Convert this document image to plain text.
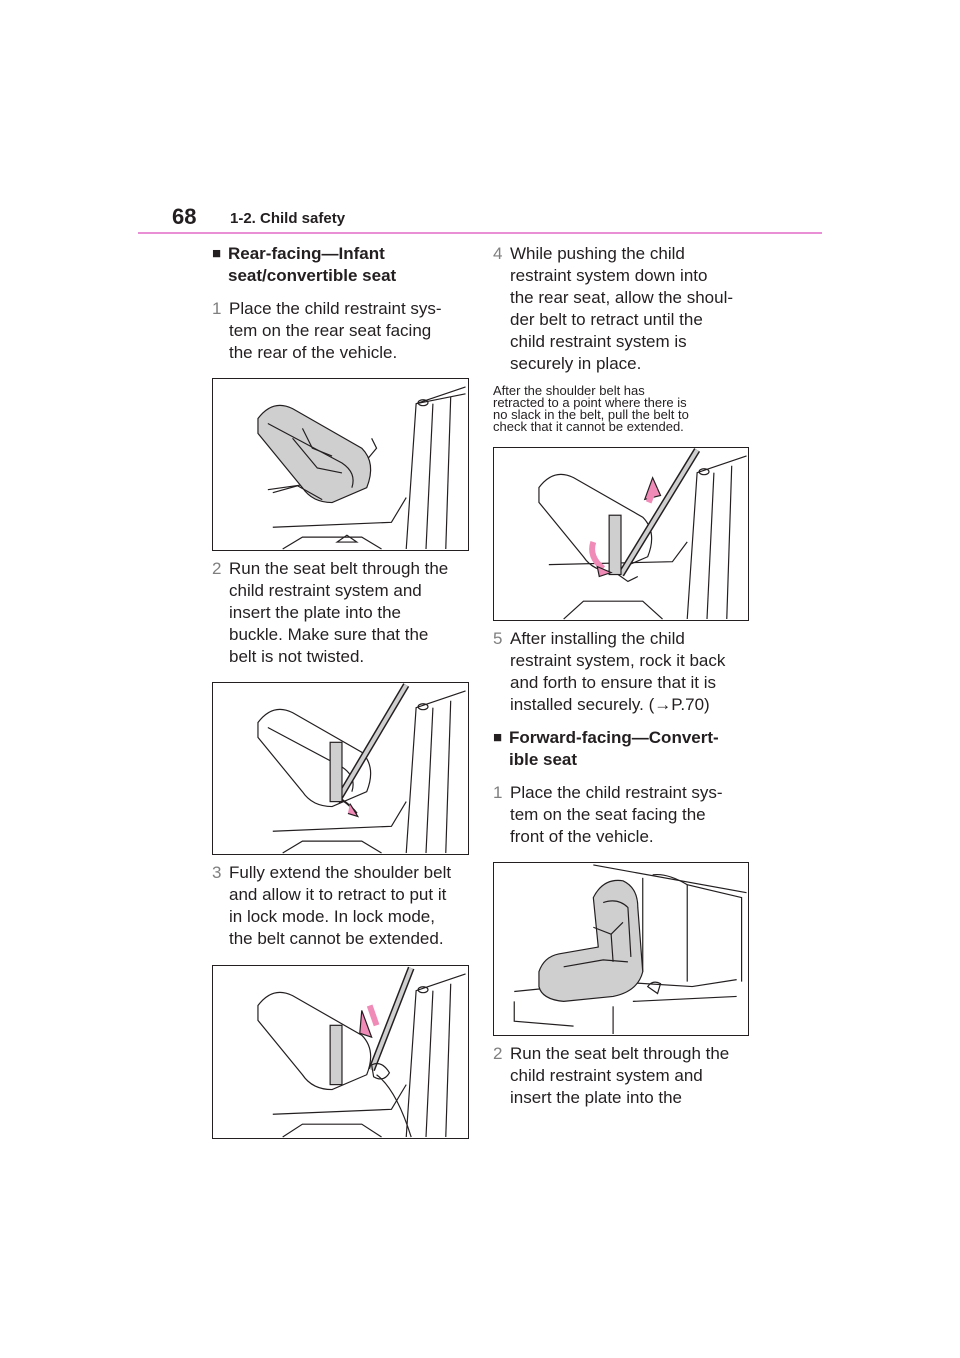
68 1-2. Child safety
■ Rear-facing—Infant
seat/convertible seat
1 Place the child restraint sys-
tem on the rear seat facing
the rear of the vehicle.
2 Run the seat belt through the
child restraint system and
insert the plate into the
buckle. Make sure that the
belt is not twisted.
3 Fully extend the shoulder belt
and allow it to retract to put it
in lock mode. In lock mode,
the belt cannot be extended.
4 While pushing the child
restraint system down into
the rear seat, allow the shoul-
der belt to retract until the
child restraint system is
securely in place.
After the shoulder belt has
retracted to a point where there is
no slack in the belt, pull the belt to
check that it cannot be extended.
5 After installing the child
restraint system, rock it back
and forth to ensure that it is
installed securely. (→P.70)
■ Forward-facing—Convert-
ible seat
1 Place the child restraint sys-
tem on the seat facing the
front of the vehicle.
2 Run the seat belt through the
child restraint system and
insert the plate into the
